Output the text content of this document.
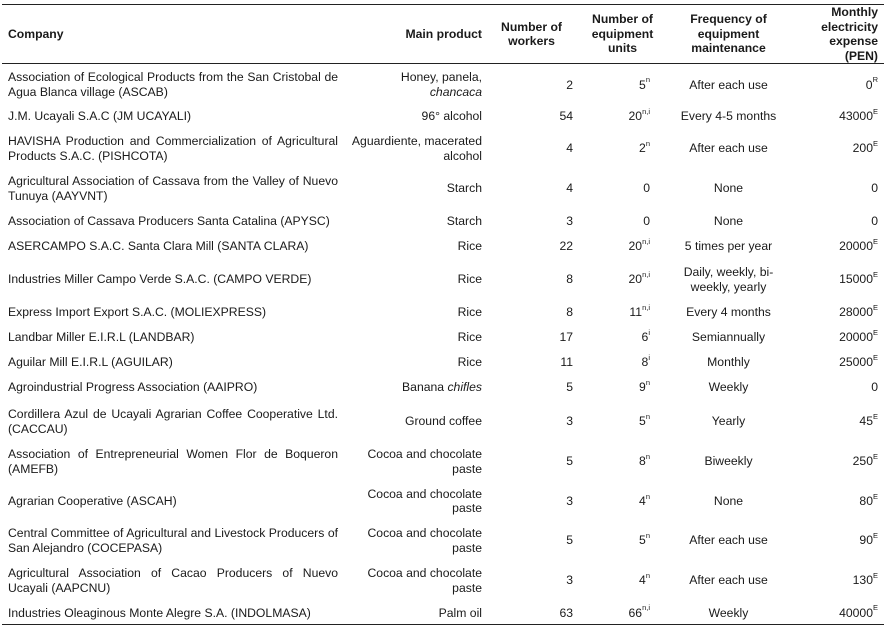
Company	Main product	Number of workers	Number of equipment units	Frequency of equipment maintenance	Monthly electricity expense (PEN)
Association of Ecological Products from the San Cristobal de Agua Blanca village (ASCAB)	Honey, panela, chancaca	2	5$^n$	After each use	$0^R$
J.M. Ucayali S.A.C (JM UCAYALI)	96° alcohol	54	20$^{n,i}$	Every 4-5 months	$43000^E$
HAVISHA Production and Commercialization of Agricultural Products S.A.C. (PISHCOTA)	Aguardiente, macerated alcohol	4	2$^n$	After each use	$200^E$
Agricultural Association of Cassava from the Valley of Nuevo Tunuya (AAYVNT)	Starch	4	0	None	0
Association of Cassava Producers Santa Catalina (APYSC)	Starch	3	0	None	0
ASERCAMPO S.A.C. Santa Clara Mill (SANTA CLARA)	Rice	22	20$^{n,i}$	5 times per year	$20000^E$
Industries Miller Campo Verde S.A.C. (CAMPO VERDE)	Rice	8	20$^{n,i}$	Daily, weekly, bi-weekly, yearly	$15000^E$
Express Import Export S.A.C. (MOLIEXPRESS)	Rice	8	11$^{n,i}$	Every 4 months	$28000^E$
Landbar Miller E.I.R.L (LANDBAR)	Rice	17	6$^i$	Semiannually	$20000^E$
Aguilar Mill E.I.R.L (AGUILAR)	Rice	11	8$^i$	Monthly	$25000^E$
Agroindustrial Progress Association (AAIPRO)	Banana chifles	5	9$^n$	Weekly	0
Cordillera Azul de Ucayali Agrarian Coffee Cooperative Ltd. (CACCAU)	Ground coffee	3	5$^n$	Yearly	$45^E$
Association of Entrepreneurial Women Flor de Boqueron (AMEFB)	Cocoa and chocolate paste	5	8$^n$	Biweekly	$250^E$
Agrarian Cooperative (ASCAH)	Cocoa and chocolate paste	3	4$^n$	None	$80^E$
Central Committee of Agricultural and Livestock Producers of San Alejandro (COCEPASA)	Cocoa and chocolate paste	5	5$^n$	After each use	$90^E$
Agricultural Association of Cacao Producers of Nuevo Ucayali (AAPCNU)	Cocoa and chocolate paste	3	4$^n$	After each use	$130^E$
Industries Oleaginous Monte Alegre S.A. (INDOLMASA)	Palm oil	63	66$^{n,i}$	Weekly	$40000^E$
